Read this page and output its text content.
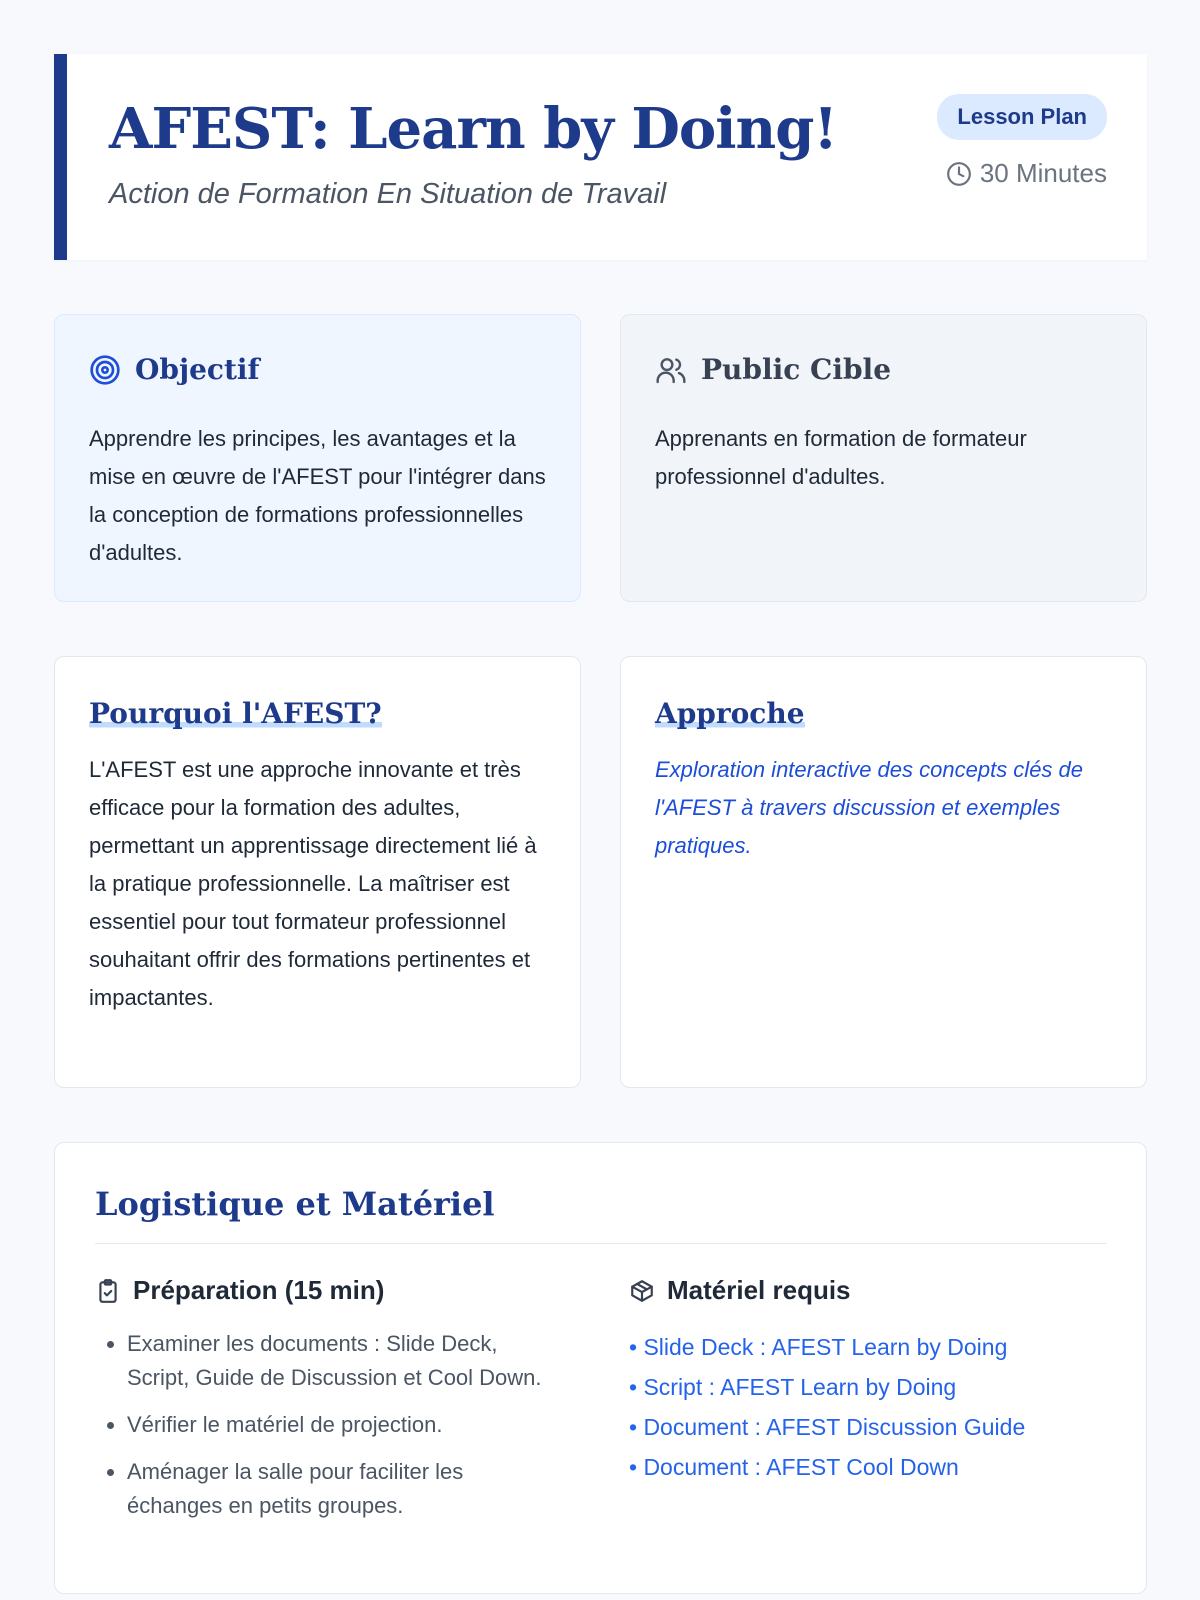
AFEST: Learn by Doing!
Action de Formation En Situation de Travail
Lesson Plan
30 Minutes
Objectif

Apprendre les principes, les avantages et la mise en œuvre de l'AFEST pour l'intégrer dans la conception de formations professionnelles d'adultes.

Public Cible

Apprenants en formation de formateur professionnel d'adultes.

Pourquoi l'AFEST?

L'AFEST est une approche innovante et très efficace pour la formation des adultes, permettant un apprentissage directement lié à la pratique professionnelle. La maîtriser est essentiel pour tout formateur professionnel souhaitant offrir des formations pertinentes et impactantes.

Approche

Exploration interactive des concepts clés de l'AFEST à travers discussion et exemples pratiques.

Logistique et Matériel
Préparation (15 min)
• Examiner les documents : Slide Deck, Script, Guide de Discussion et Cool Down.
• Vérifier le matériel de projection.
• Aménager la salle pour faciliter les échanges en petits groupes.
Matériel requis
• Slide Deck : AFEST Learn by Doing
• Script : AFEST Learn by Doing
• Document : AFEST Discussion Guide
• Document : AFEST Cool Down
